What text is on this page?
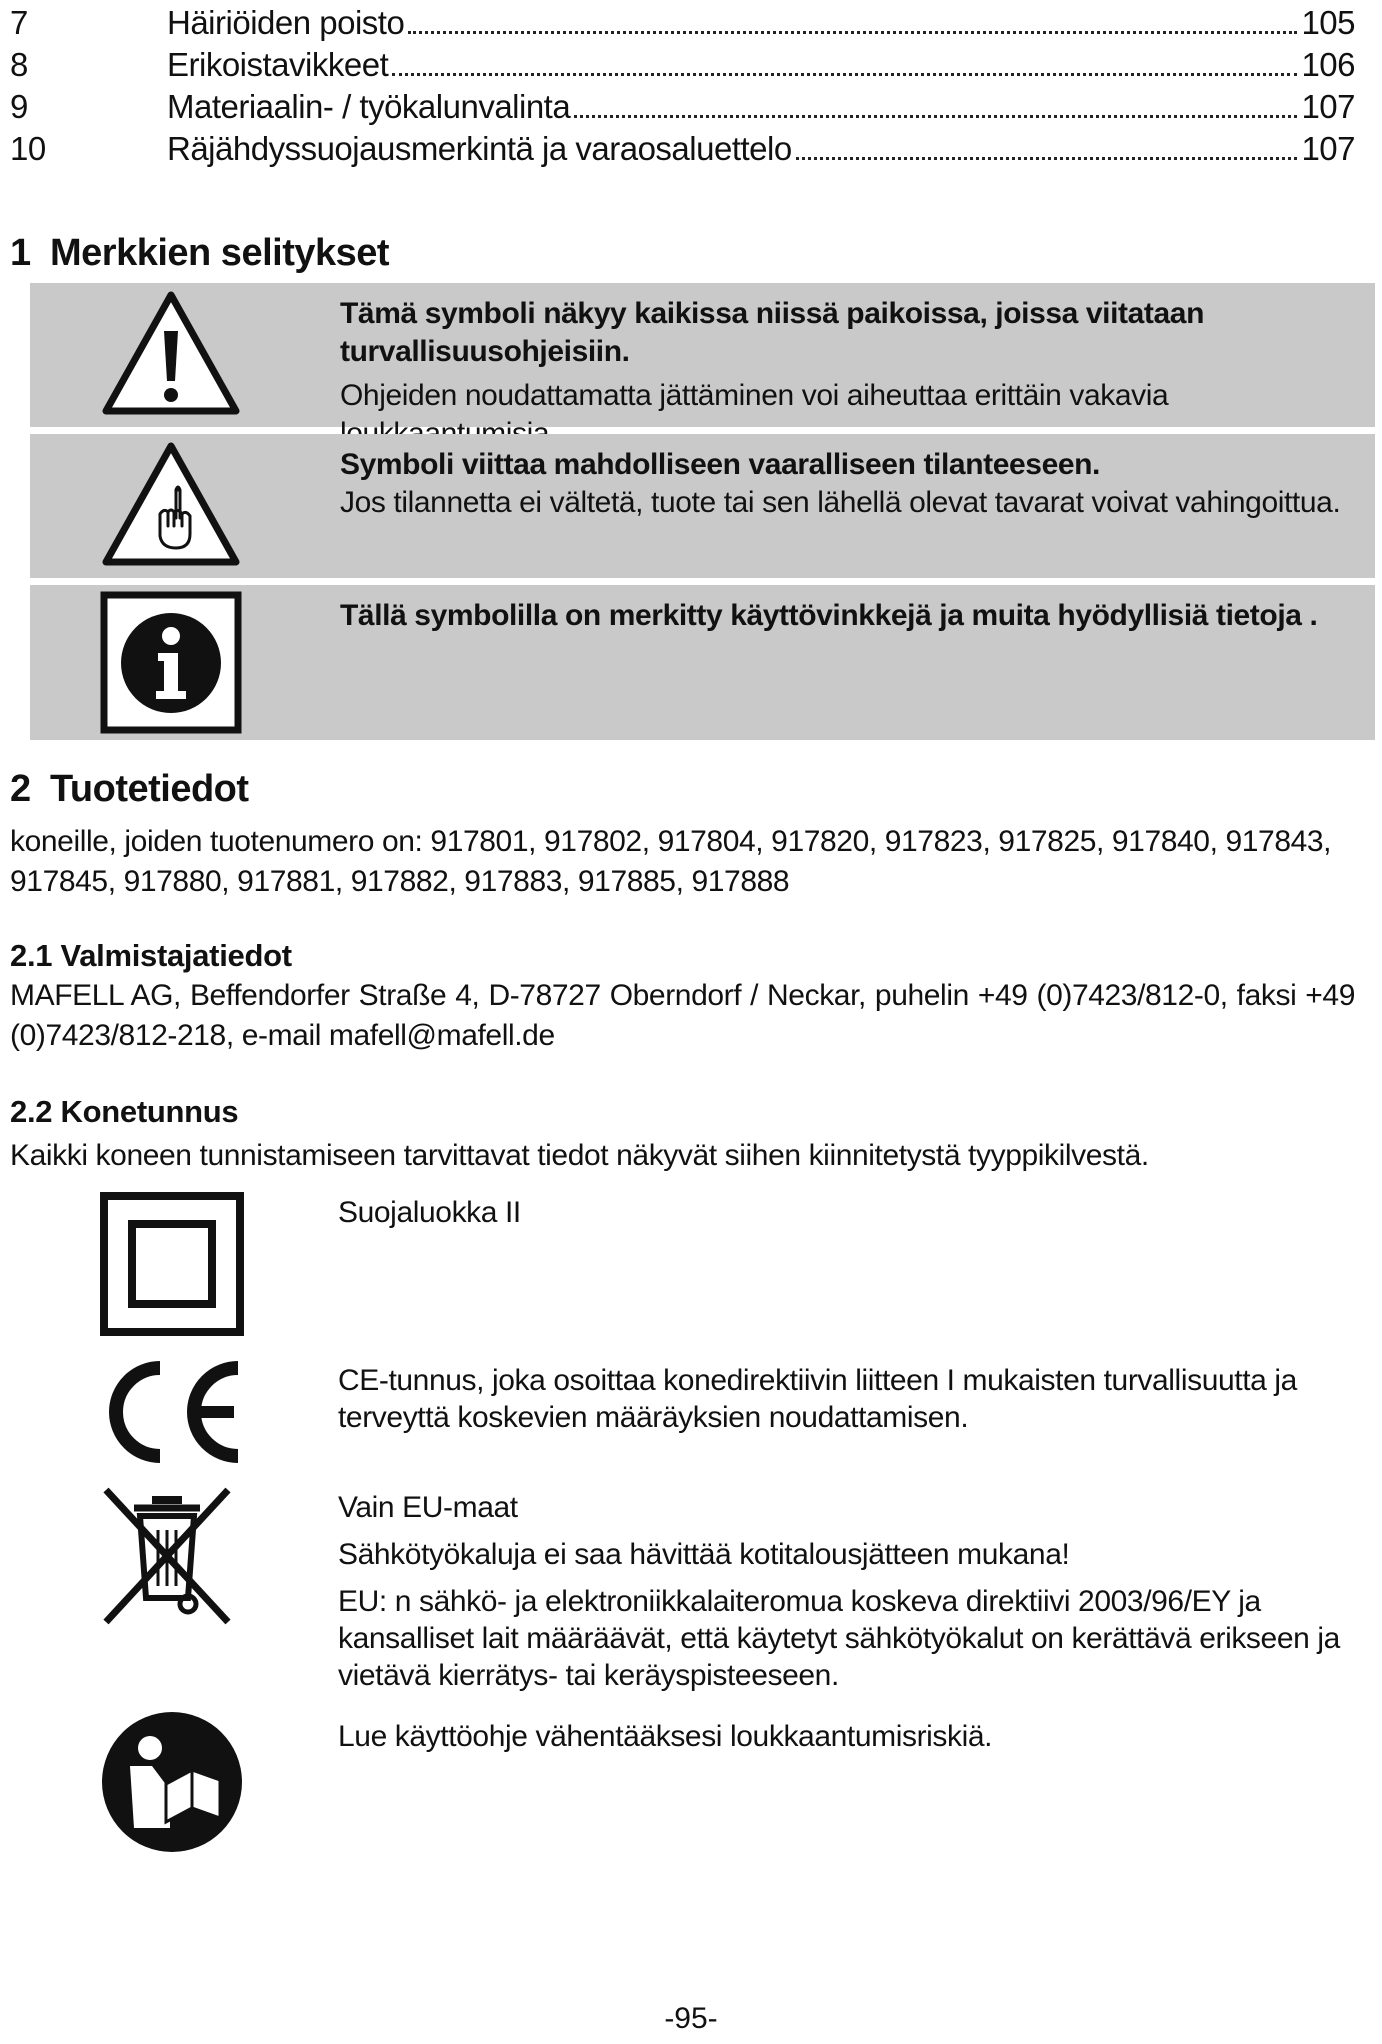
7	Häiriöiden poisto	105
8	Erikoistavikkeet	106
9	Materiaalin- / työkalunvalinta	107
10	Räjähdyssuojausmerkintä ja varaosaluettelo	107
1 Merkkien selitykset
Tämä symboli näkyy kaikissa niissä paikoissa, joissa viitataan turvallisuusohjeisiin.
Ohjeiden noudattamatta jättäminen voi aiheuttaa erittäin vakavia
Symboli viittaa mahdolliseen vaaralliseen tilanteeseen.
Jos tilannetta ei vältetä, tuote tai sen lähellä olevat tavarat voivat vahingoittua.
Tällä symbolilla on merkitty käyttövinkkejä ja muita hyödyllisiä tietoja .
2 Tuotetiedot
koneille, joiden tuotenumero on: 917801, 917802, 917804, 917820, 917823, 917825, 917840, 917843, 917845, 917880, 917881, 917882, 917883, 917885, 917888
2.1 Valmistajatiedot
MAFELL AG, Beffendorfer Straße 4, D-78727 Oberndorf / Neckar, puhelin +49 (0)7423/812-0, faksi +49 (0)7423/812-218, e-mail mafell@mafell.de
2.2 Konetunnus
Kaikki koneen tunnistamiseen tarvittavat tiedot näkyvät siihen kiinnitetystä tyyppikilvestä.
Suojaluokka II
CE-tunnus, joka osoittaa konedirektiivin liitteen I mukaisten turvallisuutta ja terveyttä koskevien määräyksien noudattamisen.

Vain EU-maat

Sähkötyökaluja ei saa hävittää kotitalousjätteen mukana!

EU: n sähkö- ja elektroniikkalaiteromua koskeva direktiivi 2003/96/EY ja kansalliset lait määräävät, että käytetyt sähkötyökalut on kerättävä erikseen ja vietävä kierrätys- tai keräyspisteeseen.

Lue käyttöohje vähentääksesi loukkaantumisriskiä.
-95-
